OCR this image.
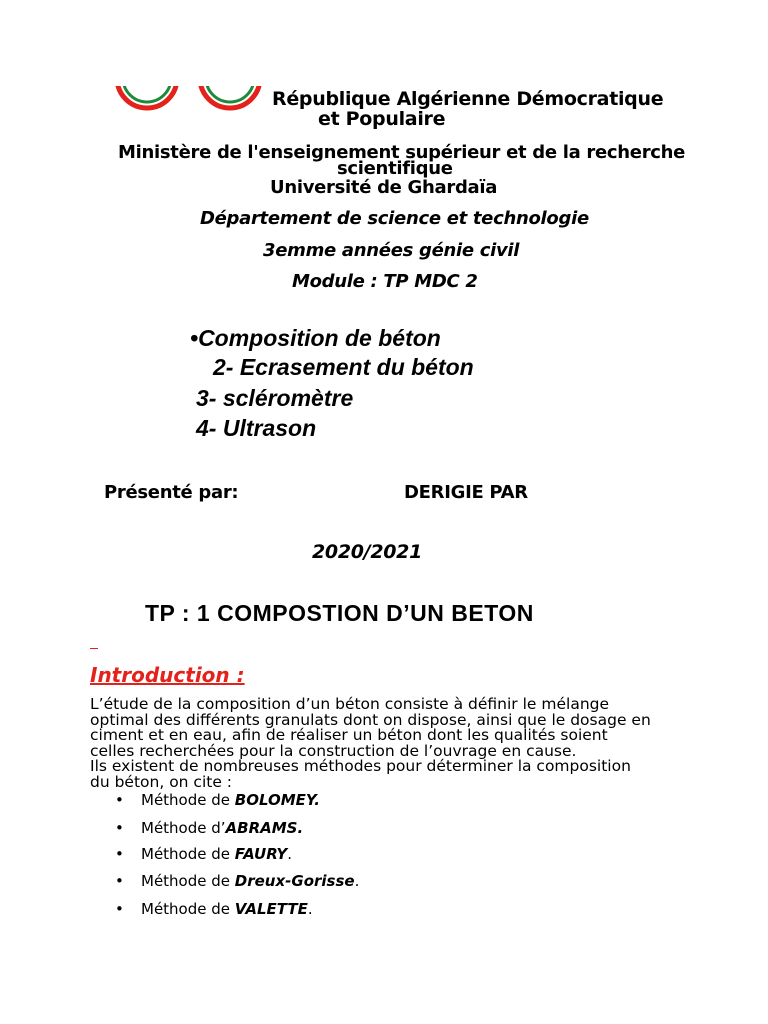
République Algérienne Démocratique
et Populaire
Ministère de l'enseignement supérieur et de la recherche
scientifique
Université de Ghardaïa
Département de science et technologie
3emme années génie civil
Module : TP MDC 2
•Composition de béton
2- Ecrasement du béton
3- scléromètre
4- Ultrason
Présenté par:	DERIGIE PAR
2020/2021
TP : 1 COMPOSTION D’UN BETON
Introduction :
L’étude de la composition d’un béton consiste à définir le mélange
optimal des différents granulats dont on dispose, ainsi que le dosage en
ciment et en eau, afin de réaliser un béton dont les qualités soient
celles recherchées pour la construction de l’ouvrage en cause.
Ils existent de nombreuses méthodes pour déterminer la composition
du béton, on cite :
• Méthode de BOLOMEY.
• Méthode d’ABRAMS.
• Méthode de FAURY.
• Méthode de Dreux-Gorisse.
• Méthode de VALETTE.
